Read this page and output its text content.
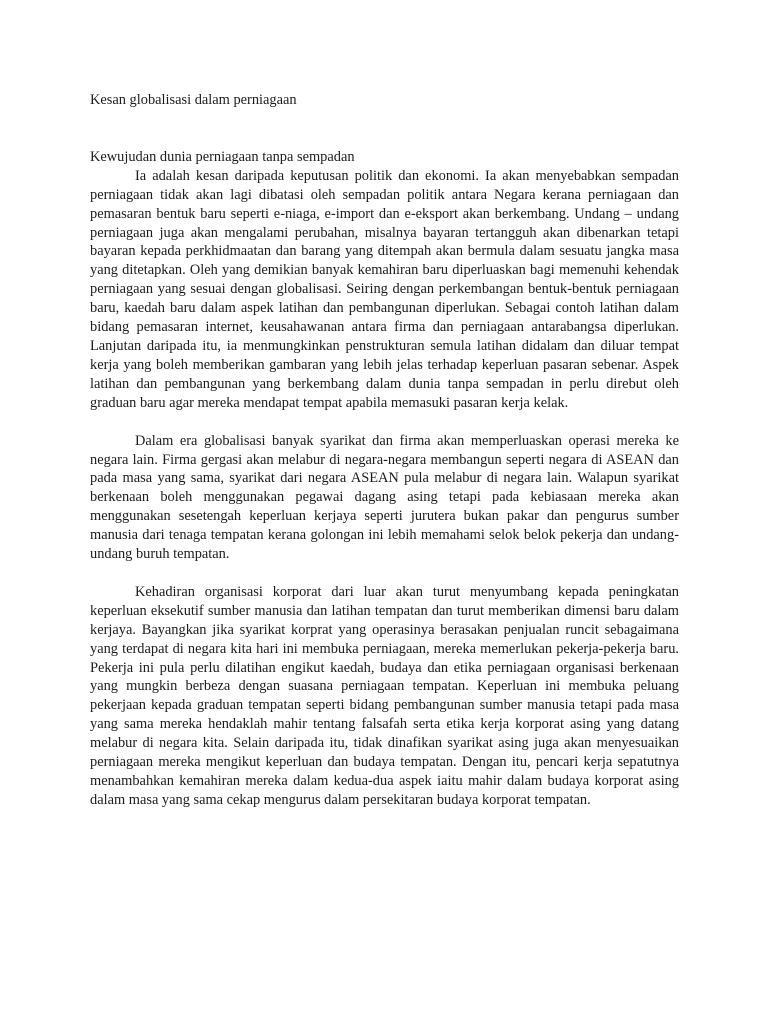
Kesan globalisasi dalam perniagaan

Kewujudan dunia perniagaan tanpa sempadan

Ia adalah kesan daripada keputusan politik dan ekonomi. Ia akan menyebabkan sempadan perniagaan tidak akan lagi dibatasi oleh sempadan politik antara Negara kerana perniagaan dan pemasaran bentuk baru seperti e-niaga, e-import dan e-eksport akan berkembang. Undang – undang perniagaan juga akan mengalami perubahan, misalnya bayaran tertangguh akan dibenarkan tetapi bayaran kepada perkhidmaatan dan barang yang ditempah akan bermula dalam sesuatu jangka masa yang ditetapkan. Oleh yang demikian banyak kemahiran baru diperluaskan bagi memenuhi kehendak perniagaan yang sesuai dengan globalisasi. Seiring dengan perkembangan bentuk-bentuk perniagaan baru, kaedah baru dalam aspek latihan dan pembangunan diperlukan. Sebagai contoh latihan dalam bidang pemasaran internet, keusahawanan antara firma dan perniagaan antarabangsa diperlukan. Lanjutan daripada itu, ia menmungkinkan penstrukturan semula latihan didalam dan diluar tempat kerja yang boleh memberikan gambaran yang lebih jelas terhadap keperluan pasaran sebenar. Aspek latihan dan pembangunan yang berkembang dalam dunia tanpa sempadan in perlu direbut oleh graduan baru agar mereka mendapat tempat apabila memasuki pasaran kerja kelak.

Dalam era globalisasi banyak syarikat dan firma akan memperluaskan operasi mereka ke negara lain. Firma gergasi akan melabur di negara-negara membangun seperti negara di ASEAN dan pada masa yang sama, syarikat dari negara ASEAN pula melabur di negara lain. Walapun syarikat berkenaan boleh menggunakan pegawai dagang asing tetapi pada kebiasaan mereka akan menggunakan sesetengah keperluan kerjaya seperti jurutera bukan pakar dan pengurus sumber manusia dari tenaga tempatan kerana golongan ini lebih memahami selok belok pekerja dan undang-undang buruh tempatan.

Kehadiran organisasi korporat dari luar akan turut menyumbang kepada peningkatan keperluan eksekutif sumber manusia dan latihan tempatan dan turut memberikan dimensi baru dalam kerjaya. Bayangkan jika syarikat korprat yang operasinya berasakan penjualan runcit sebagaimana yang terdapat di negara kita hari ini membuka perniagaan, mereka memerlukan pekerja-pekerja baru. Pekerja ini pula perlu dilatihan engikut kaedah, budaya dan etika perniagaan organisasi berkenaan yang mungkin berbeza dengan suasana perniagaan tempatan. Keperluan ini membuka peluang pekerjaan kepada graduan tempatan seperti bidang pembangunan sumber manusia tetapi pada masa yang sama mereka hendaklah mahir tentang falsafah serta etika kerja korporat asing yang datang melabur di negara kita. Selain daripada itu, tidak dinafikan syarikat asing juga akan menyesuaikan perniagaan mereka mengikut keperluan dan budaya tempatan. Dengan itu, pencari kerja sepatutnya menambahkan kemahiran mereka dalam kedua-dua aspek iaitu mahir dalam budaya korporat asing dalam masa yang sama cekap mengurus dalam persekitaran budaya korporat tempatan.
